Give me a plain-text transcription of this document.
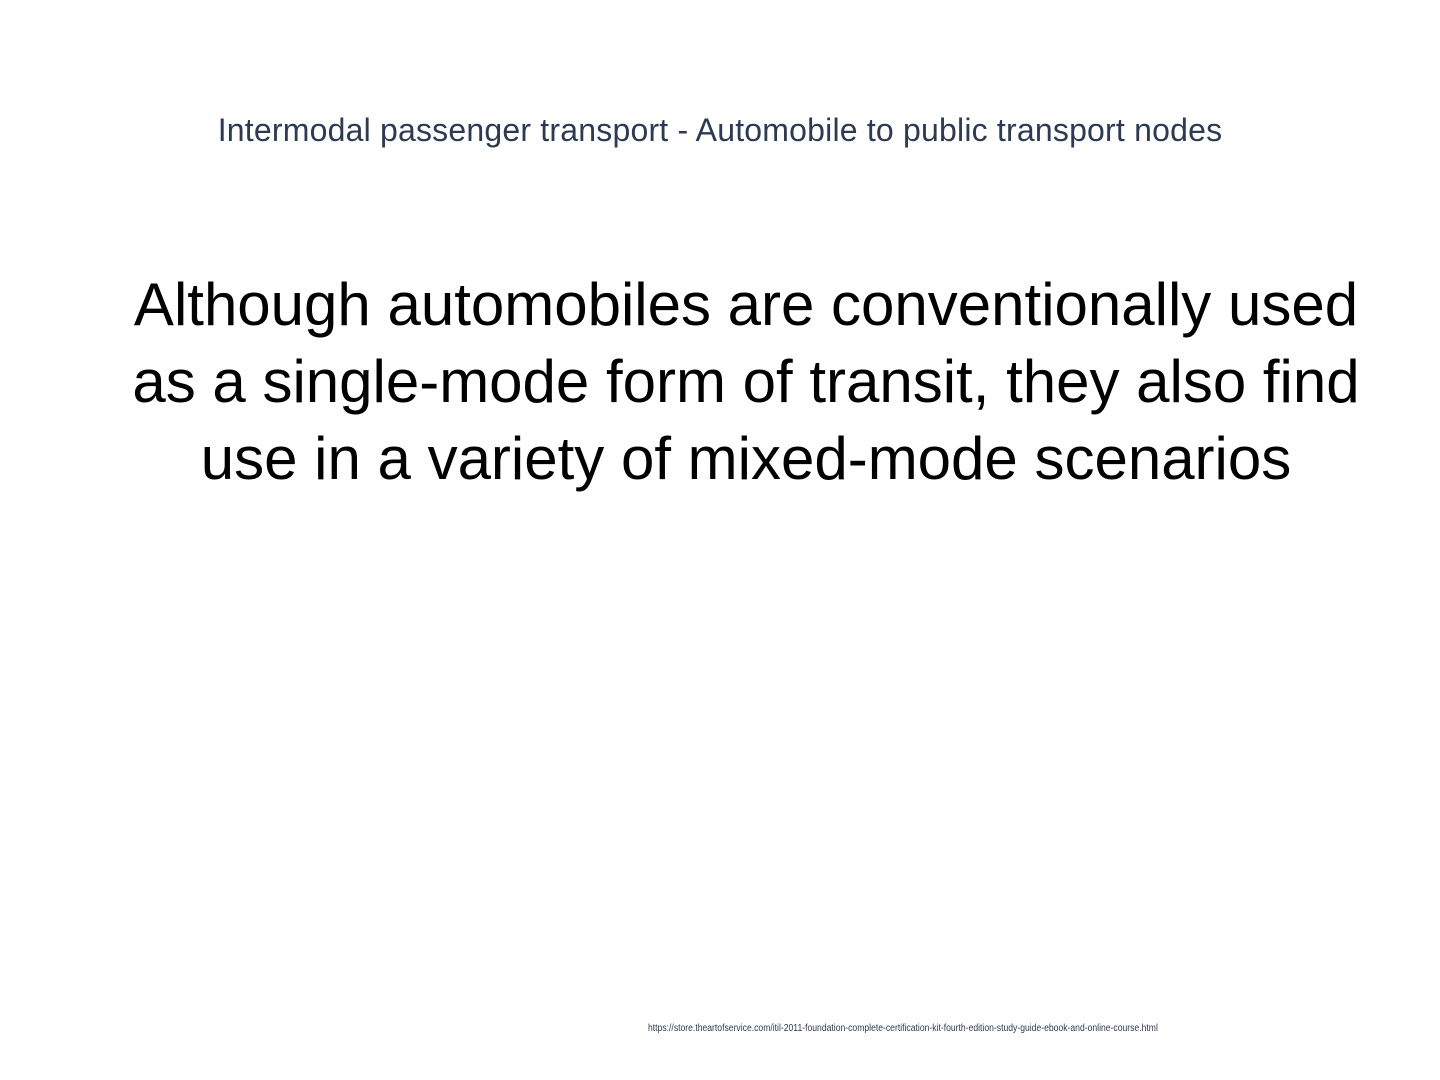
Intermodal passenger transport - Automobile to public transport nodes
Although automobiles are conventionally used as a single-mode form of transit, they also find use in a variety of mixed-mode scenarios
https://store.theartofservice.com/itil-2011-foundation-complete-certification-kit-fourth-edition-study-guide-ebook-and-online-course.html
